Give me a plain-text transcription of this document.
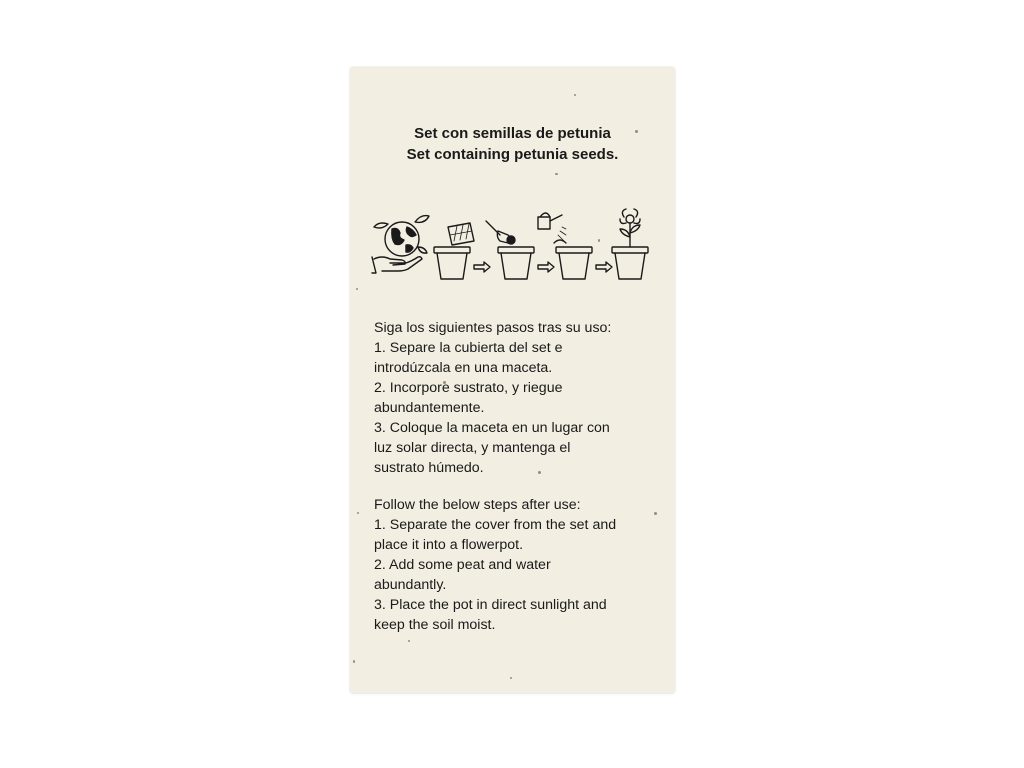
Set con semillas de petunia
Set containing petunia seeds.
Siga los siguientes pasos tras su uso:
1. Separe la cubierta del set e
introdúzcala en una maceta.
2. Incorpore sustrato, y riegue
abundantemente.
3. Coloque la maceta en un lugar con
luz solar directa, y mantenga el
sustrato húmedo.
Follow the below steps after use:
1. Separate the cover from the set and
place it into a flowerpot.
2. Add some peat and water
abundantly.
3. Place the pot in direct sunlight and
keep the soil moist.
